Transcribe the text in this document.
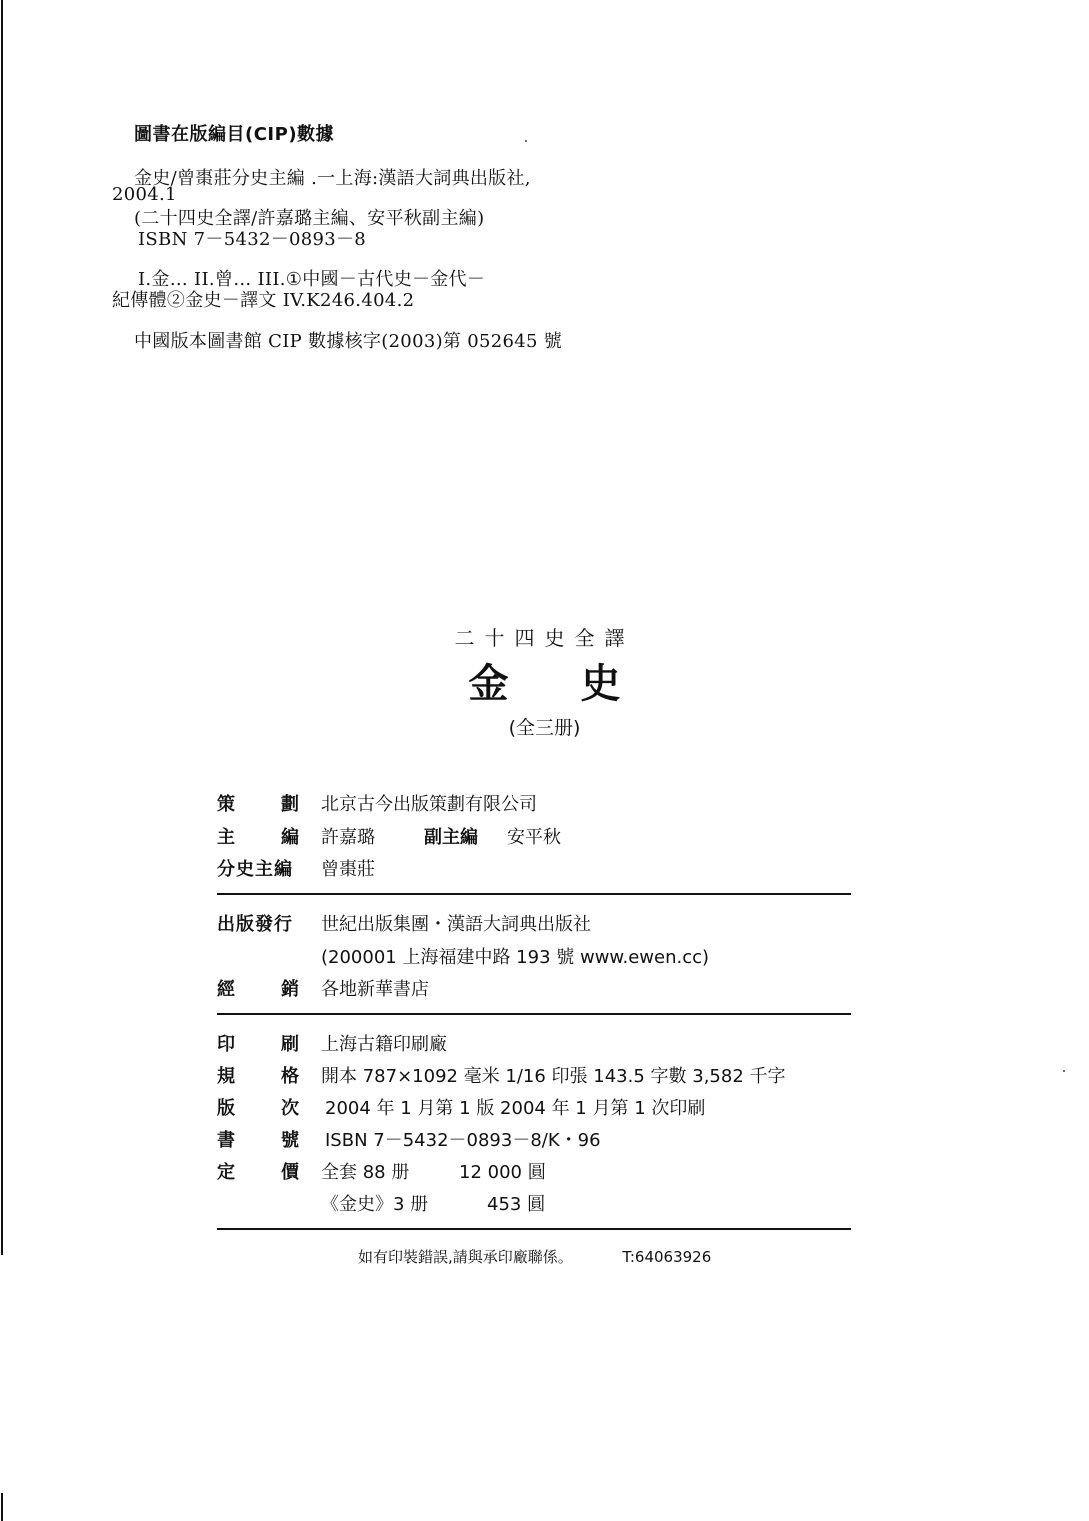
圖書在版編目(CIP)數據
金史/曾棗莊分史主編 .一上海:漢語大詞典出版社,
2004.1
(二十四史全譯/許嘉璐主編、安平秋副主編)
ISBN 7－5432－0893－8
I.金… II.曾… III.①中國－古代史－金代－
紀傳體②金史－譯文 IV.K246.404.2
中國版本圖書館 CIP 數據核字(2003)第 052645 號
二十四史全譯
金史
(全三册)
策	劃 北京古今出版策劃有限公司
主	編 許嘉璐	副主編 安平秋
分史主編	曾棗莊
出版發行	世紀出版集團・漢語大詞典出版社
(200001 上海福建中路 193 號 www.ewen.cc)
經	銷 各地新華書店
印	刷 上海古籍印刷廠
規	格 開本 787×1092 毫米 1/16 印張 143.5 字數 3,582 千字
版	次 2004 年 1 月第 1 版 2004 年 1 月第 1 次印刷
書	號 ISBN 7－5432－0893－8/K・96
定	價 全套 88 册	12 000 圓
《金史》3 册	453 圓
如有印裝錯誤,請與承印廠聯係。	T:64063926
